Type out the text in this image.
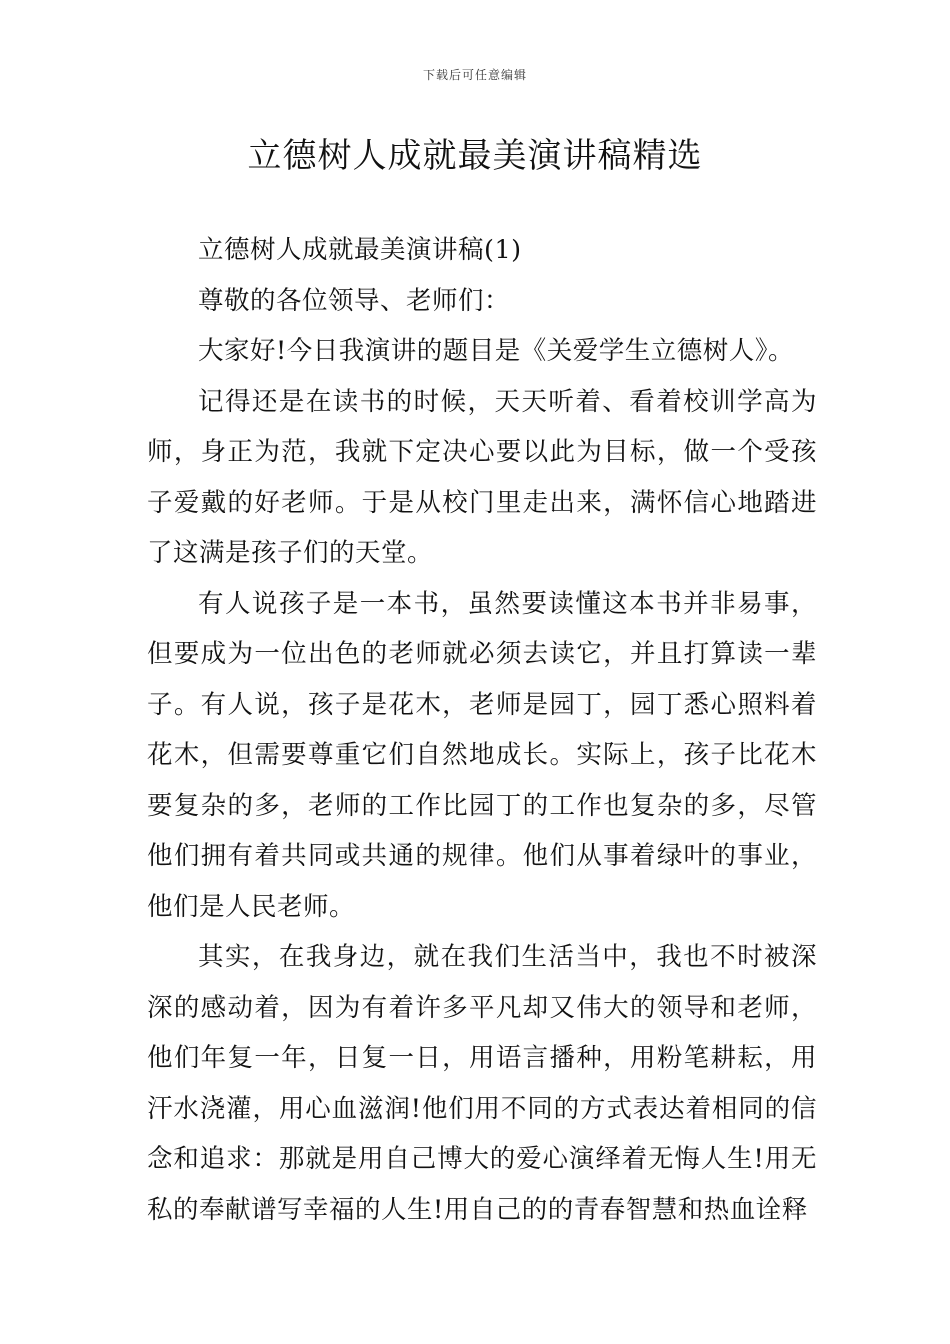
下载后可任意编辑
立德树人成就最美演讲稿精选

立德树人成就最美演讲稿(1)

尊敬的各位领导、老师们：

大家好!今日我演讲的题目是《关爱学生立德树人》。

记得还是在读书的时候，天天听着、看着校训学高为师，身正为范，我就下定决心要以此为目标，做一个受孩子爱戴的好老师。于是从校门里走出来，满怀信心地踏进了这满是孩子们的天堂。

有人说孩子是一本书，虽然要读懂这本书并非易事，但要成为一位出色的老师就必须去读它，并且打算读一辈子。有人说，孩子是花木，老师是园丁，园丁悉心照料着花木，但需要尊重它们自然地成长。实际上，孩子比花木要复杂的多，老师的工作比园丁的工作也复杂的多，尽管他们拥有着共同或共通的规律。他们从事着绿叶的事业，他们是人民老师。

其实，在我身边，就在我们生活当中，我也不时被深深的感动着，因为有着许多平凡却又伟大的领导和老师，他们年复一年，日复一日，用语言播种，用粉笔耕耘，用汗水浇灌，用心血滋润!他们用不同的方式表达着相同的信念和追求：那就是用自己博大的爱心演绎着无悔人生!用无私的奉献谱写幸福的人生!用自己的的青春智慧和热血诠释
